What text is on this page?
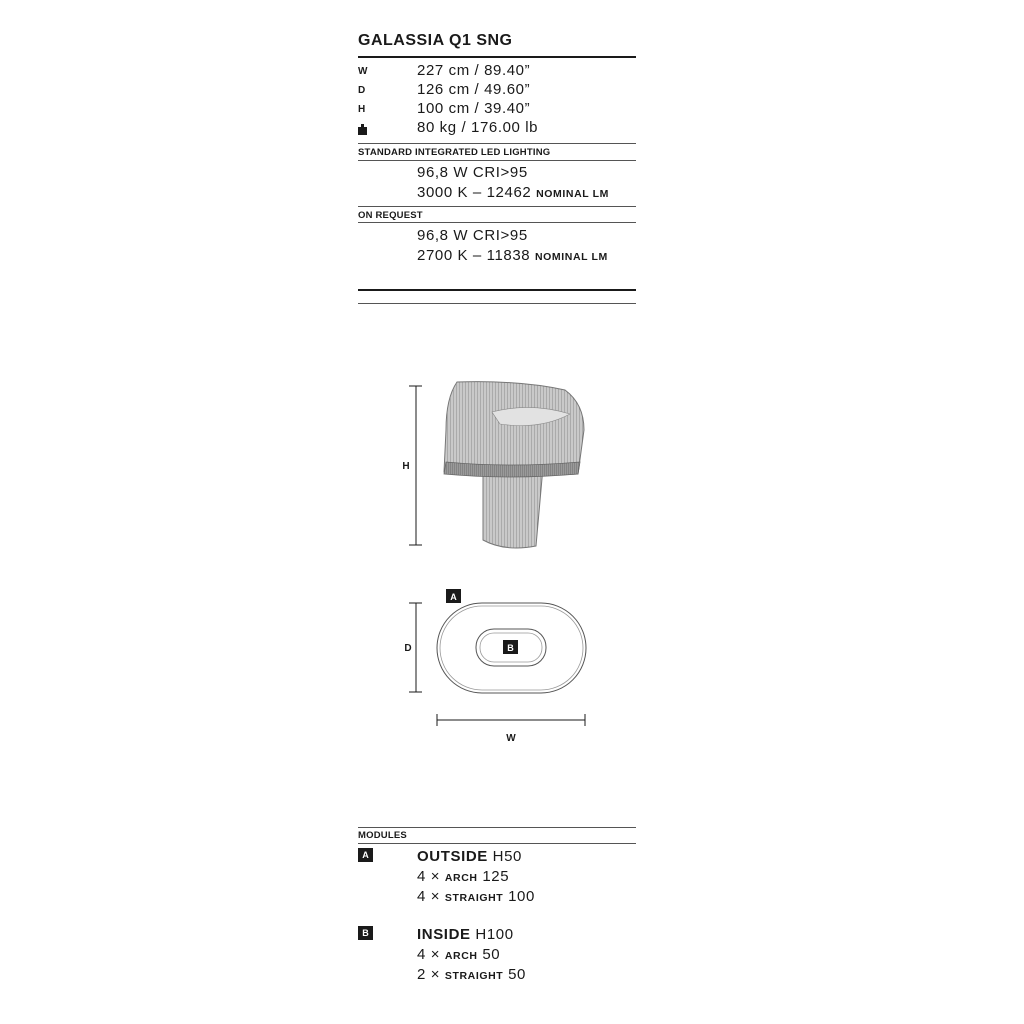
GALASSIA Q1 SNG
W	227 cm / 89.40”
D	126 cm / 49.60”
H	100 cm / 39.40”
80 kg / 176.00 lb
STANDARD INTEGRATED LED LIGHTING
96,8 W CRI>95
3000 K – 12462 NOMINAL LM
ON REQUEST
96,8 W CRI>95
2700 K – 11838 NOMINAL LM
H
D
A
B
W
MODULES
A	OUTSIDE H50
4 × ARCH 125
4 × STRAIGHT 100
B	INSIDE H100
4 × ARCH 50
2 × STRAIGHT 50
